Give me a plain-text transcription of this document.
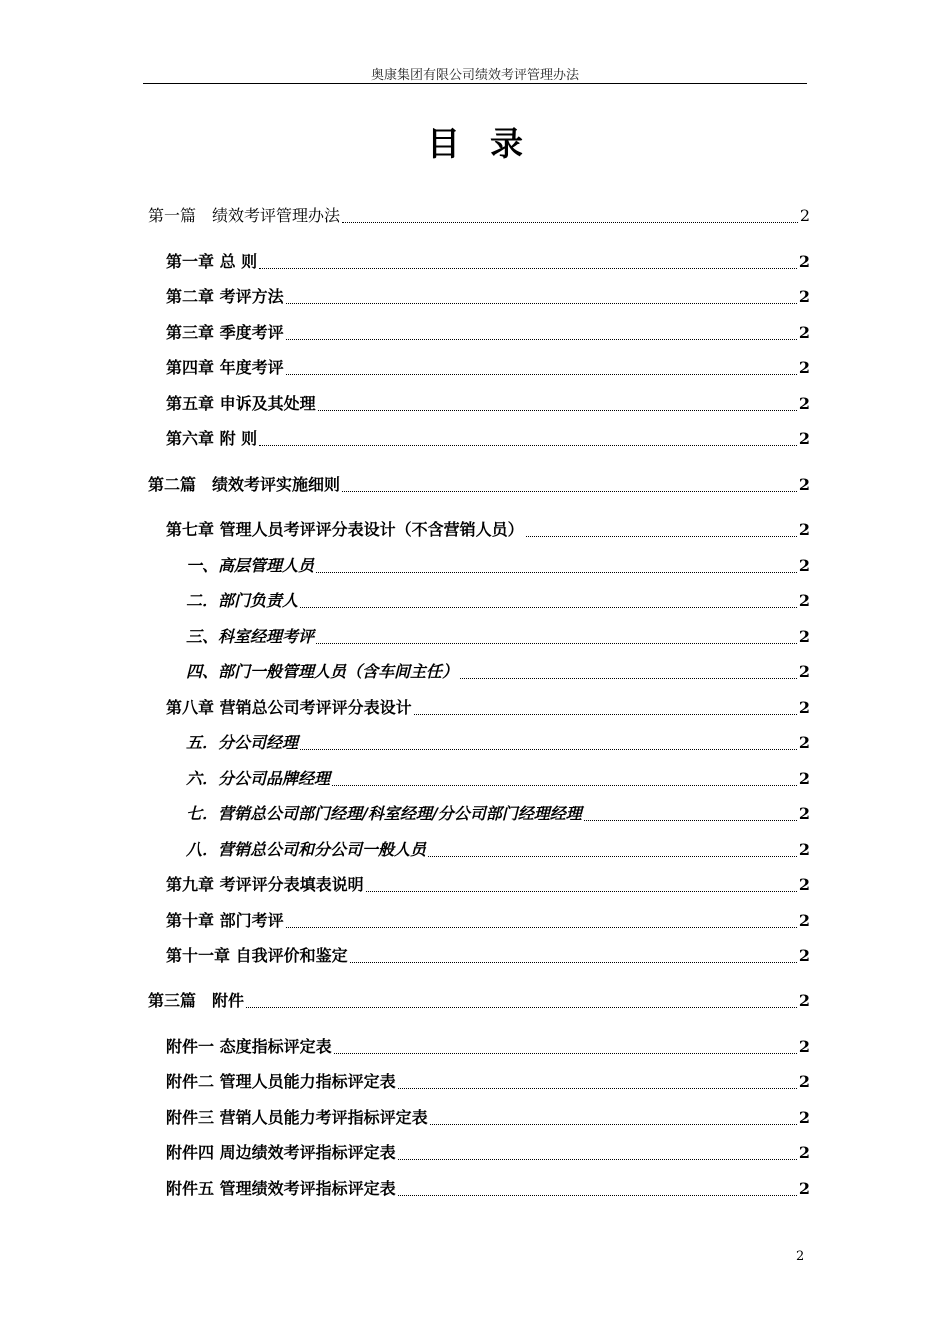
奥康集团有限公司绩效考评管理办法
目录
第一篇　绩效考评管理办法	2
第一章 总 则	2
第二章 考评方法	2
第三章 季度考评	2
第四章 年度考评	2
第五章 申诉及其处理	2
第六章 附 则	2
第二篇　绩效考评实施细则	2
第七章 管理人员考评评分表设计（不含营销人员）	2
一、高层管理人员	2
二．部门负责人	2
三、科室经理考评	2
四、部门一般管理人员（含车间主任）	2
第八章 营销总公司考评评分表设计	2
五．分公司经理	2
六．分公司品牌经理	2
七．营销总公司部门经理/科室经理/分公司部门经理经理	2
八．营销总公司和分公司一般人员	2
第九章 考评评分表填表说明	2
第十章 部门考评	2
第十一章 自我评价和鉴定	2
第三篇　附件	2
附件一 态度指标评定表	2
附件二 管理人员能力指标评定表	2
附件三 营销人员能力考评指标评定表	2
附件四 周边绩效考评指标评定表	2
附件五 管理绩效考评指标评定表	2
2
